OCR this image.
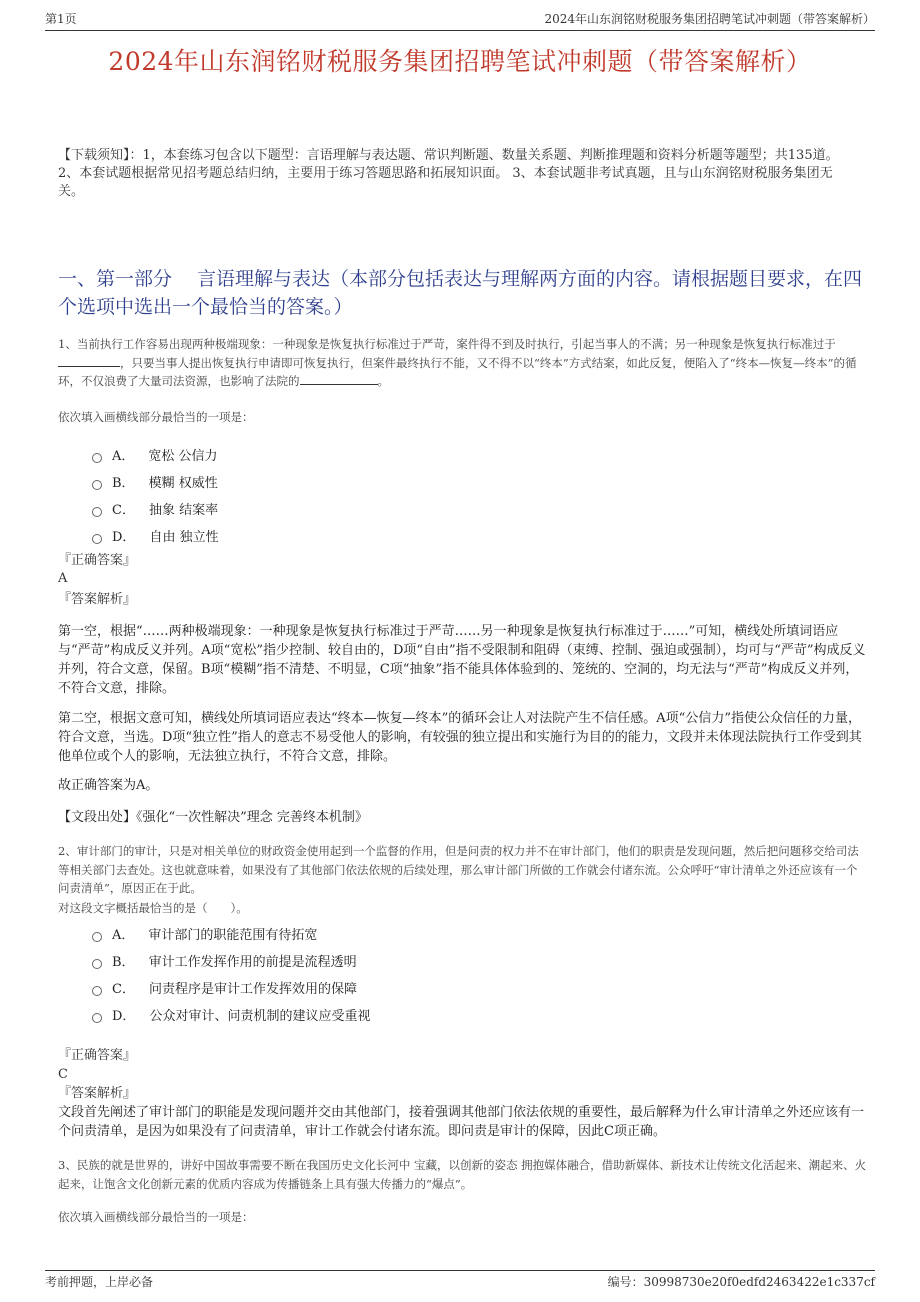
第1页	2024年山东润铭财税服务集团招聘笔试冲刺题（带答案解析）
2024年山东润铭财税服务集团招聘笔试冲刺题（带答案解析）
【下载须知】：1，本套练习包含以下题型：言语理解与表达题、常识判断题、数量关系题、判断推理题和资料分析题等题型；共135道。 2、本套试题根据常见招考题总结归纳，主要用于练习答题思路和拓展知识面。 3、本套试题非考试真题，且与山东润铭财税服务集团无关。
一、第一部分　 言语理解与表达（本部分包括表达与理解两方面的内容。请根据题目要求，在四个选项中选出一个最恰当的答案。）

1、当前执行工作容易出现两种极端现象：一种现象是恢复执行标准过于严苛，案件得不到及时执行，引起当事人的不满；另一种现象是恢复执行标准过于，只要当事人提出恢复执行申请即可恢复执行，但案件最终执行不能，又不得不以“终本”方式结案，如此反复，便陷入了“终本—恢复—终本”的循环，不仅浪费了大量司法资源，也影响了法院的	。

依次填入画横线部分最恰当的一项是：
A． 宽松 公信力
B． 模糊 权威性
C． 抽象 结案率
D． 自由 独立性
『正确答案』
A
『答案解析』
第一空，根据“……两种极端现象：一种现象是恢复执行标准过于严苛……另一种现象是恢复执行标准过于……”可知，横线处所填词语应与“严苛”构成反义并列。A项“宽松”指少控制、较自由的，D项“自由”指不受限制和阻碍（束缚、控制、强迫或强制），均可与“严苛”构成反义并列，符合文意，保留。B项“模糊”指不清楚、不明显，C项“抽象”指不能具体体验到的、笼统的、空洞的，均无法与“严苛”构成反义并列，不符合文意，排除。
第二空，根据文意可知，横线处所填词语应表达“终本—恢复—终本”的循环会让人对法院产生不信任感。A项“公信力”指使公众信任的力量，符合文意，当选。D项“独立性”指人的意志不易受他人的影响，有较强的独立提出和实施行为目的的能力，文段并未体现法院执行工作受到其他单位或个人的影响，无法独立执行，不符合文意，排除。
故正确答案为A。
【文段出处】《强化“一次性解决”理念 完善终本机制》
2、审计部门的审计，只是对相关单位的财政资金使用起到一个监督的作用，但是问责的权力并不在审计部门，他们的职责是发现问题，然后把问题移交给司法等相关部门去查处。这也就意味着，如果没有了其他部门依法依规的后续处理，那么审计部门所做的工作就会付诸东流。公众呼吁“审计清单之外还应该有一个问责清单”，原因正在于此。
对这段文字概括最恰当的是（　　）。
A． 审计部门的职能范围有待拓宽
B． 审计工作发挥作用的前提是流程透明
C． 问责程序是审计工作发挥效用的保障
D． 公众对审计、问责机制的建议应受重视
『正确答案』
C
『答案解析』
文段首先阐述了审计部门的职能是发现问题并交由其他部门，接着强调其他部门依法依规的重要性，最后解释为什么审计清单之外还应该有一个问责清单，是因为如果没有了问责清单，审计工作就会付诸东流。即问责是审计的保障，因此C项正确。
3、民族的就是世界的，讲好中国故事需要不断在我国历史文化长河中 宝藏，以创新的姿态 拥抱媒体融合，借助新媒体、新技术让传统文化活起来、潮起来、火起来，让饱含文化创新元素的优质内容成为传播链条上具有强大传播力的“爆点”。
依次填入画横线部分最恰当的一项是：
考前押题，上岸必备	编号：30998730e20f0edfd2463422e1c337cf
